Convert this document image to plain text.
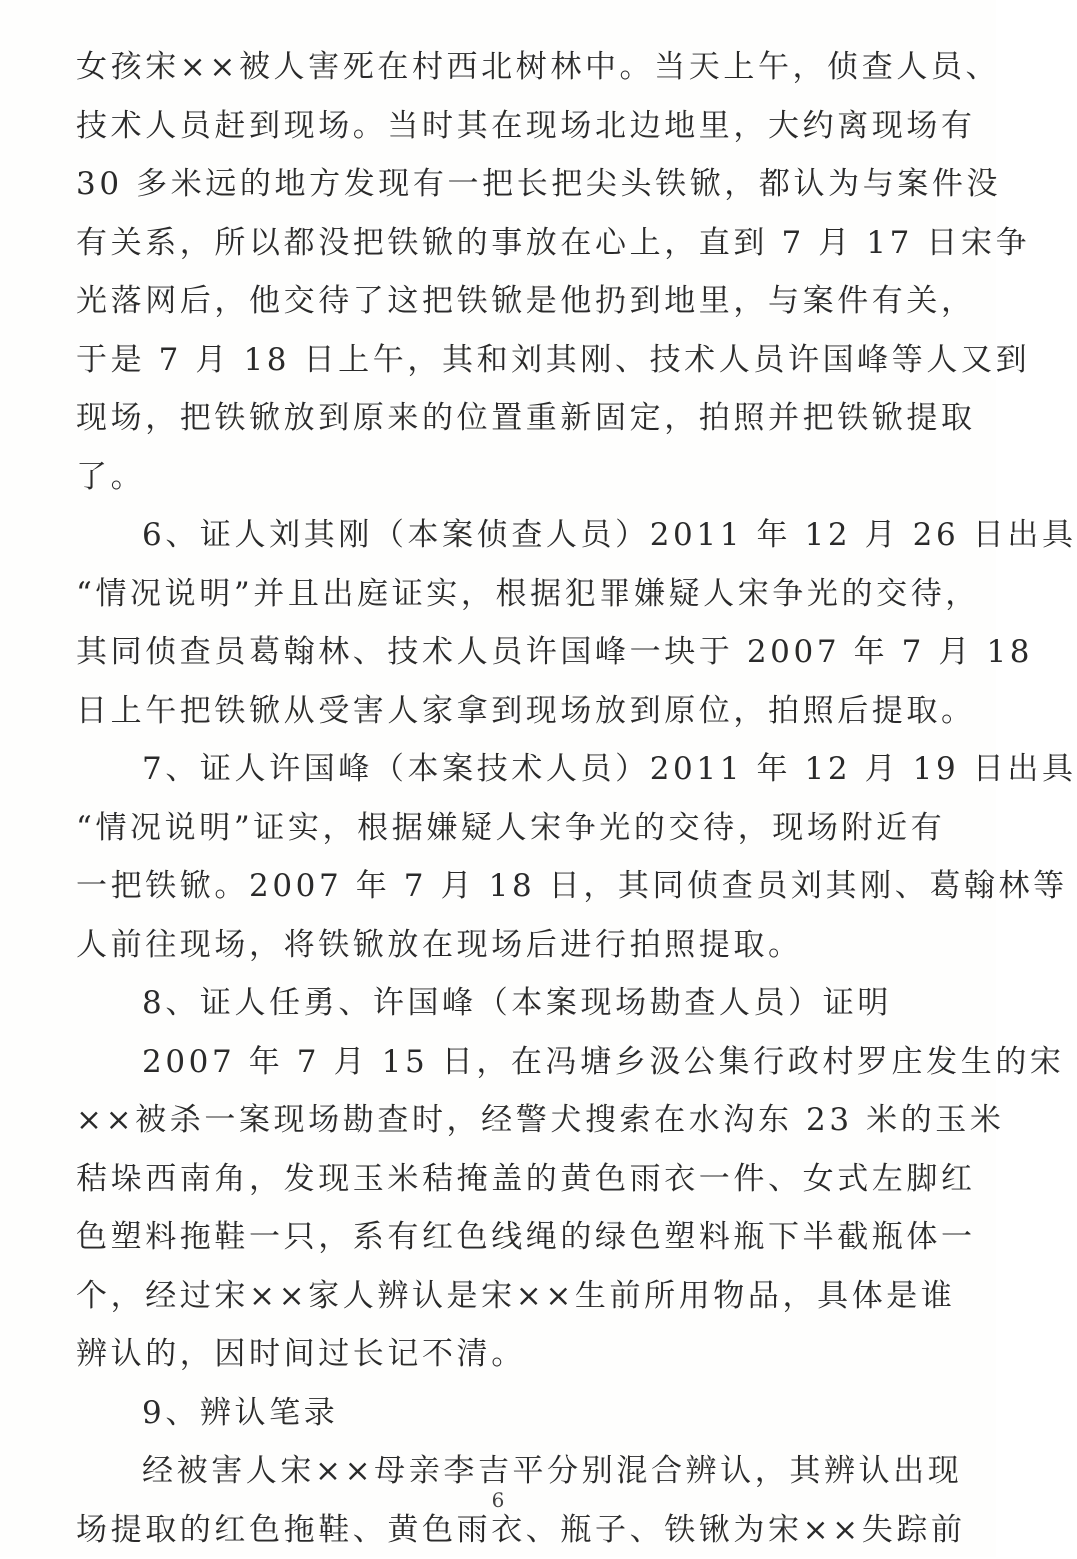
女孩宋××被人害死在村西北树林中。当天上午，侦查人员、
技术人员赶到现场。当时其在现场北边地里，大约离现场有
30 多米远的地方发现有一把长把尖头铁锨，都认为与案件没
有关系，所以都没把铁锨的事放在心上，直到 7 月 17 日宋争
光落网后，他交待了这把铁锨是他扔到地里，与案件有关，
于是 7 月 18 日上午，其和刘其刚、技术人员许国峰等人又到
现场，把铁锨放到原来的位置重新固定，拍照并把铁锨提取
了。
6、证人刘其刚（本案侦查人员）2011 年 12 月 26 日出具
“情况说明”并且出庭证实，根据犯罪嫌疑人宋争光的交待，
其同侦查员葛翰林、技术人员许国峰一块于 2007 年 7 月 18
日上午把铁锨从受害人家拿到现场放到原位，拍照后提取。
7、证人许国峰（本案技术人员）2011 年 12 月 19 日出具
“情况说明”证实，根据嫌疑人宋争光的交待，现场附近有
一把铁锨。2007 年 7 月 18 日，其同侦查员刘其刚、葛翰林等
人前往现场，将铁锨放在现场后进行拍照提取。
8、证人任勇、许国峰（本案现场勘查人员）证明
2007 年 7 月 15 日，在冯塘乡汲公集行政村罗庄发生的宋
××被杀一案现场勘查时，经警犬搜索在水沟东 23 米的玉米
秸垛西南角，发现玉米秸掩盖的黄色雨衣一件、女式左脚红
色塑料拖鞋一只，系有红色线绳的绿色塑料瓶下半截瓶体一
个，经过宋××家人辨认是宋××生前所用物品，具体是谁
辨认的，因时间过长记不清。
9、辨认笔录
经被害人宋××母亲李吉平分别混合辨认，其辨认出现
场提取的红色拖鞋、黄色雨衣、瓶子、铁锹为宋××失踪前
6
